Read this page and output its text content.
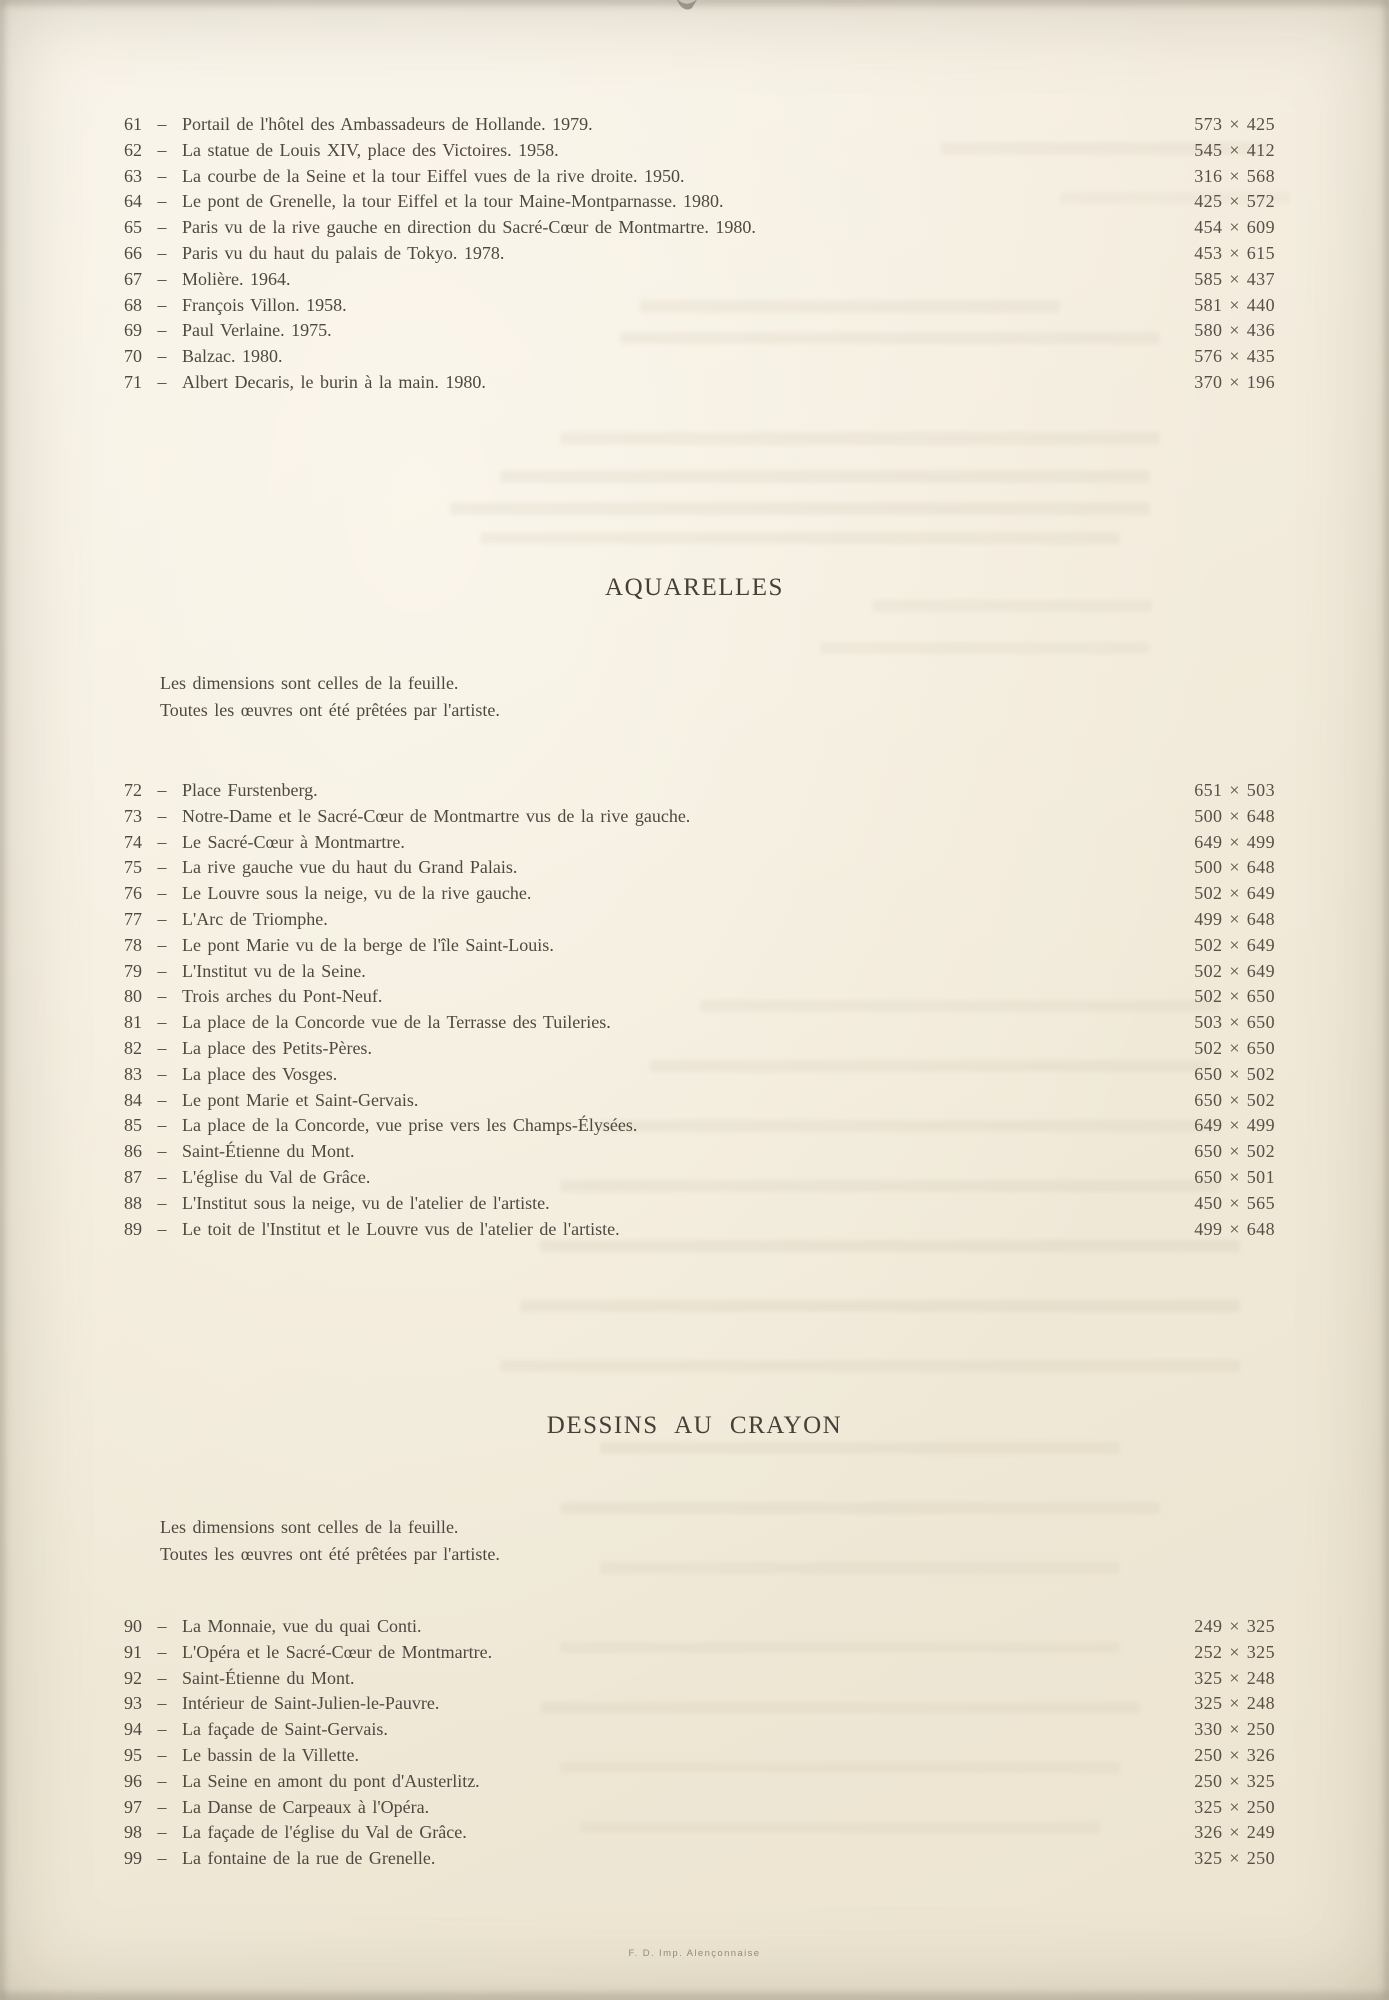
61 – Portail de l'hôtel des Ambassadeurs de Hollande. 1979.	573 × 425
62 – La statue de Louis XIV, place des Victoires. 1958.	545 × 412
63 – La courbe de la Seine et la tour Eiffel vues de la rive droite. 1950.	316 × 568
64 – Le pont de Grenelle, la tour Eiffel et la tour Maine-Montparnasse. 1980.	425 × 572
65 – Paris vu de la rive gauche en direction du Sacré-Cœur de Montmartre. 1980.	454 × 609
66 – Paris vu du haut du palais de Tokyo. 1978.	453 × 615
67 – Molière. 1964.	585 × 437
68 – François Villon. 1958.	581 × 440
69 – Paul Verlaine. 1975.	580 × 436
70 – Balzac. 1980.	576 × 435
71 – Albert Decaris, le burin à la main. 1980.	370 × 196
AQUARELLES
Les dimensions sont celles de la feuille.
Toutes les œuvres ont été prêtées par l'artiste.
72 – Place Furstenberg.	651 × 503
73 – Notre-Dame et le Sacré-Cœur de Montmartre vus de la rive gauche.	500 × 648
74 – Le Sacré-Cœur à Montmartre.	649 × 499
75 – La rive gauche vue du haut du Grand Palais.	500 × 648
76 – Le Louvre sous la neige, vu de la rive gauche.	502 × 649
77 – L'Arc de Triomphe.	499 × 648
78 – Le pont Marie vu de la berge de l'île Saint-Louis.	502 × 649
79 – L'Institut vu de la Seine.	502 × 649
80 – Trois arches du Pont-Neuf.	502 × 650
81 – La place de la Concorde vue de la Terrasse des Tuileries.	503 × 650
82 – La place des Petits-Pères.	502 × 650
83 – La place des Vosges.	650 × 502
84 – Le pont Marie et Saint-Gervais.	650 × 502
85 – La place de la Concorde, vue prise vers les Champs-Élysées.	649 × 499
86 – Saint-Étienne du Mont.	650 × 502
87 – L'église du Val de Grâce.	650 × 501
88 – L'Institut sous la neige, vu de l'atelier de l'artiste.	450 × 565
89 – Le toit de l'Institut et le Louvre vus de l'atelier de l'artiste.	499 × 648
DESSINS AU CRAYON
Les dimensions sont celles de la feuille.
Toutes les œuvres ont été prêtées par l'artiste.
90 – La Monnaie, vue du quai Conti.	249 × 325
91 – L'Opéra et le Sacré-Cœur de Montmartre.	252 × 325
92 – Saint-Étienne du Mont.	325 × 248
93 – Intérieur de Saint-Julien-le-Pauvre.	325 × 248
94 – La façade de Saint-Gervais.	330 × 250
95 – Le bassin de la Villette.	250 × 326
96 – La Seine en amont du pont d'Austerlitz.	250 × 325
97 – La Danse de Carpeaux à l'Opéra.	325 × 250
98 – La façade de l'église du Val de Grâce.	326 × 249
99 – La fontaine de la rue de Grenelle.	325 × 250
F. D. Imp. Alençonnaise
